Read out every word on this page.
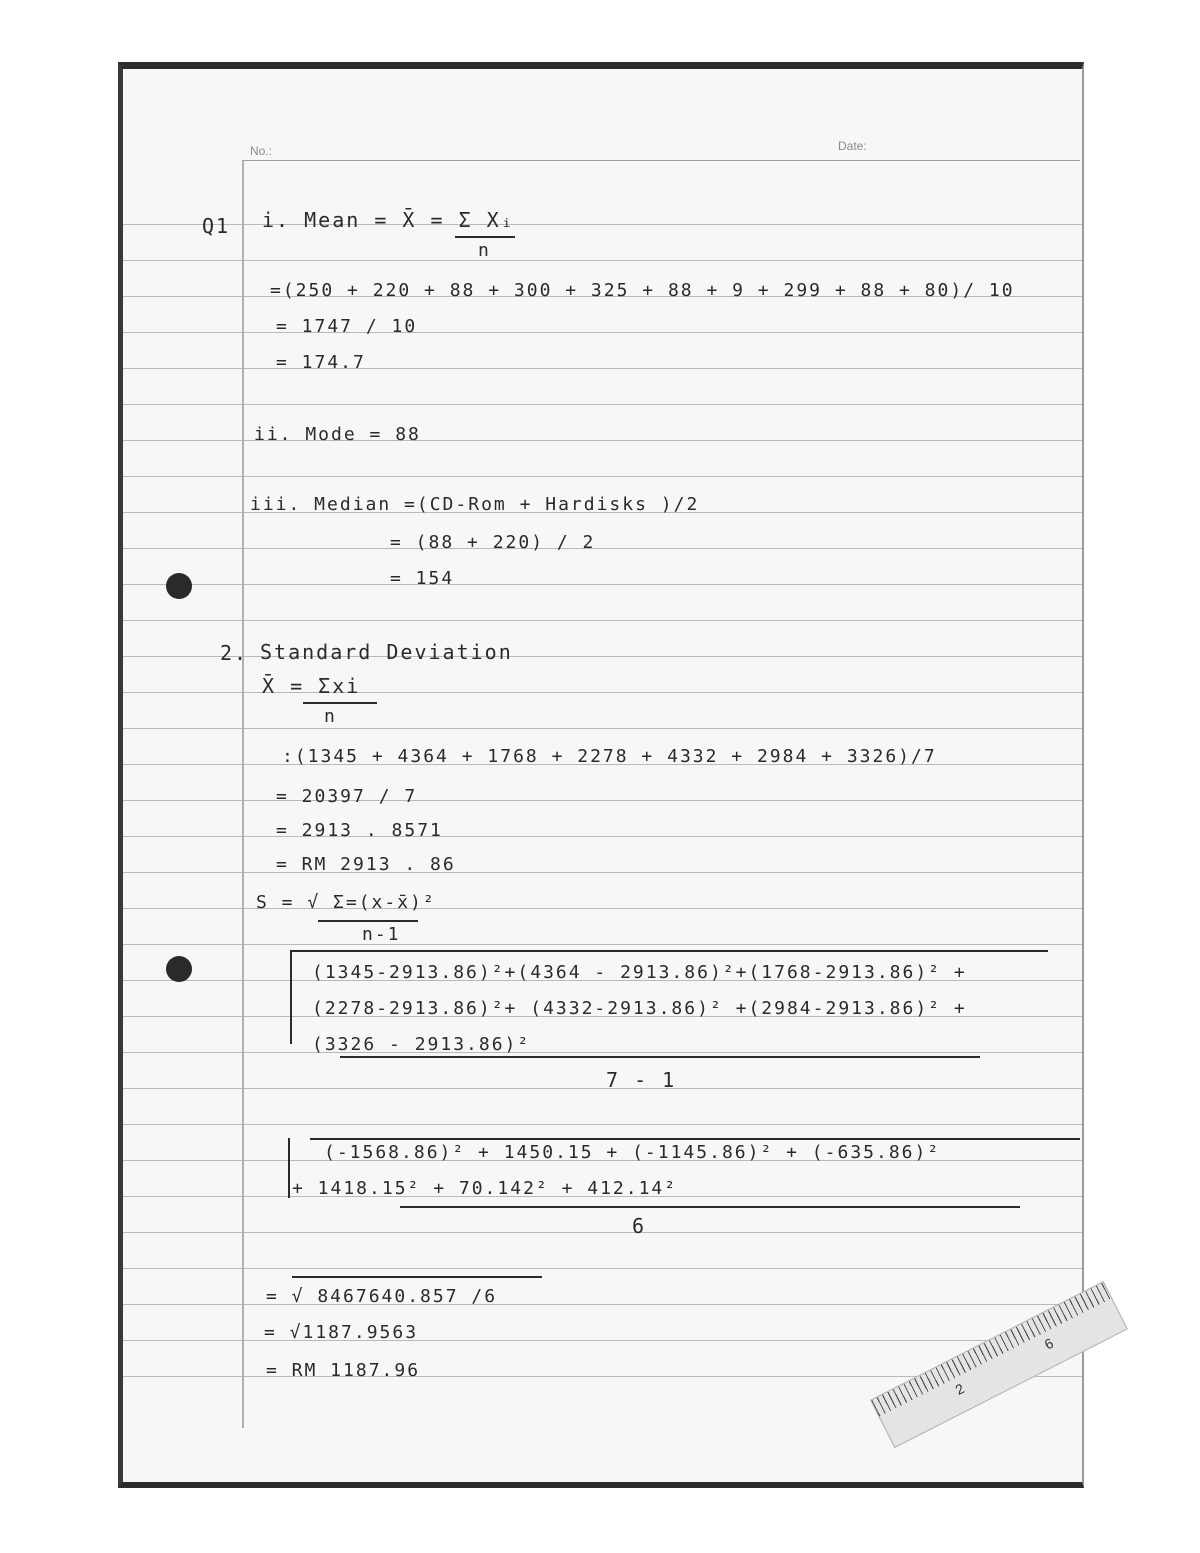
No.:	Date:
Q1 i. Mean = X̄ = Σ Xᵢ
n
=(250 + 220 + 88 + 300 + 325 + 88 + 9 + 299 + 88 + 80)/ 10
= 1747 / 10
= 174.7
ii. Mode = 88
iii. Median =(CD-Rom + Hardisks )/2
= (88 + 220) / 2
= 154
2. Standard Deviation
X̄ = Σxi
n
:(1345 + 4364 + 1768 + 2278 + 4332 + 2984 + 3326)/7
= 20397 / 7
= 2913 . 8571
= RM 2913 . 86
S = √ Σ=(x-x̄)²
n-1
(1345-2913.86)²+(4364 - 2913.86)²+(1768-2913.86)² +
(2278-2913.86)²+ (4332-2913.86)² +(2984-2913.86)² +
(3326 - 2913.86)²
7 - 1
(-1568.86)² + 1450.15 + (-1145.86)² + (-635.86)²
+ 1418.15² + 70.142² + 412.14²
6
= √ 8467640.857 /6
= √1187.9563
= RM 1187.96
2
6
